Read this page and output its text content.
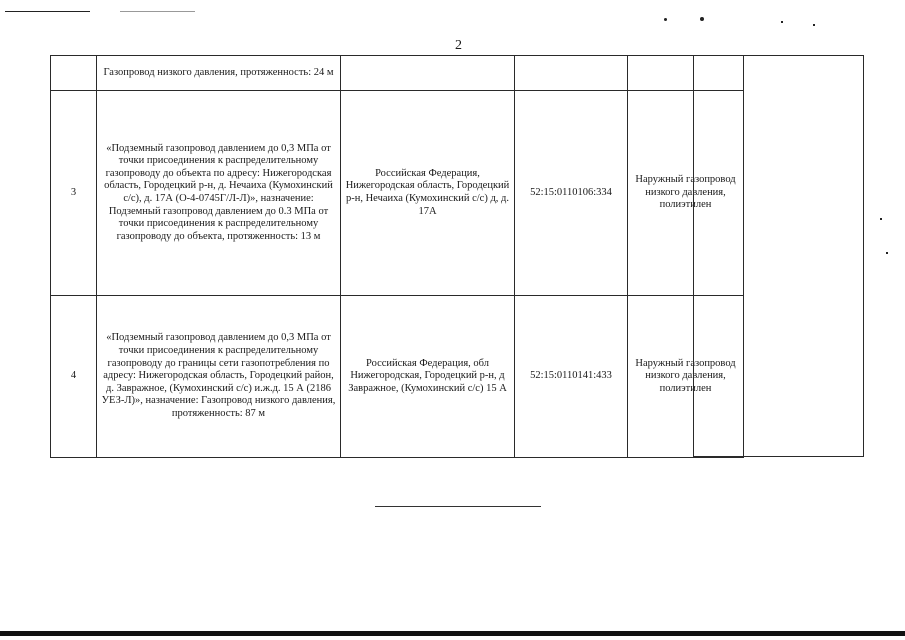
2
	Газопровод низкого давления, протяженность: 24 м			
3	«Подземный газопровод давлением до 0,3 МПа от точки присоединения к распределительному газопроводу до объекта по адресу: Нижегородская область, Городецкий р-н, д. Нечаиха (Кумохинский с/с), д. 17А (О-4-0745Г/Л-Л)», назначение: Подземный газопровод давлением до 0.3 МПа от точки присоединения к распределительному газопроводу до объекта, протяженность: 13 м	Российская Федерация, Нижегородская область, Городецкий р-н, Нечаиха (Кумохинский с/с) д, д. 17А	52:15:0110106:334	Наружный газопровод низкого давления, полиэтилен
4	«Подземный газопровод давлением до 0,3 МПа от точки присоединения к распределительному газопроводу до границы сети газопотребления по адресу: Нижегородская область, Городецкий район, д. Завражное, (Кумохинский с/с) и.ж.д. 15 А (2186 УЕЗ-Л)», назначение: Газопровод низкого давления, протяженность: 87 м	Российская Федерация, обл Нижегородская, Городецкий р-н, д Завражное, (Кумохинский с/с) 15 А	52:15:0110141:433	Наружный газопровод низкого давления, полиэтилен
